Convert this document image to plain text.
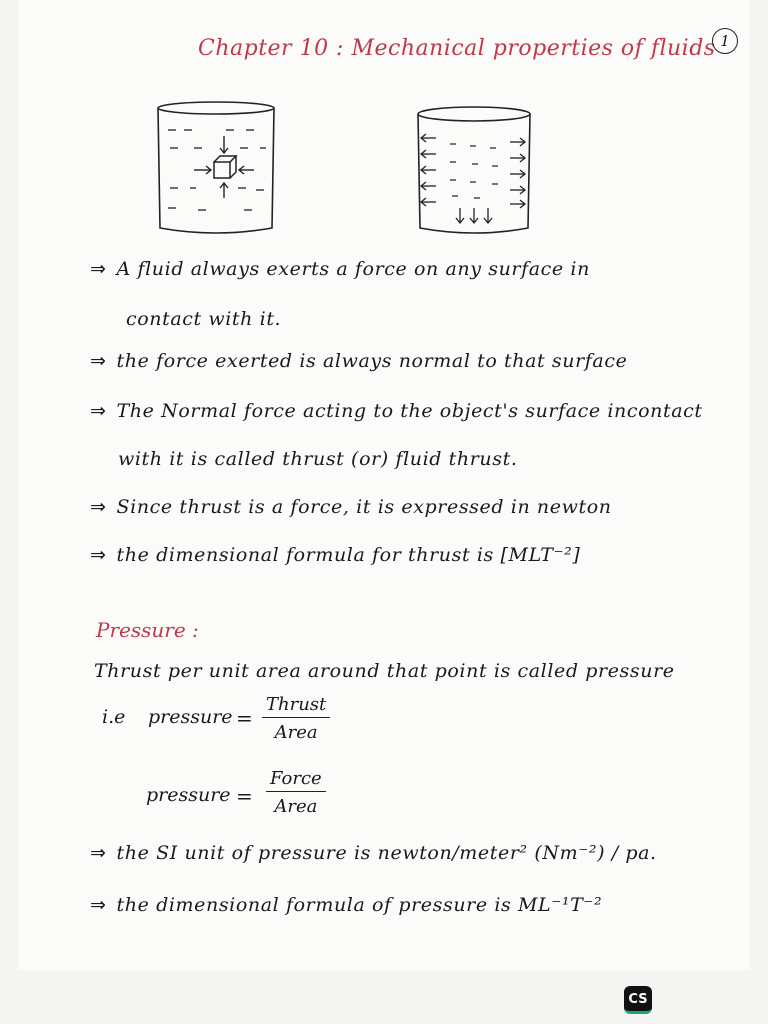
Chapter 10 : Mechanical properties of fluids 1
⇒ A fluid always exerts a force on any surface in
contact with it.
⇒ the force exerted is always normal to that surface
⇒ The Normal force acting to the object's surface incontact
with it is called thrust (or) fluid thrust.
⇒ Since thrust is a force, it is expressed in newton
⇒ the dimensional formula for thrust is [MLT⁻²]
Pressure :
Thrust per unit area around that point is called pressure
i.e pressure =
Thrust
Area
pressure =
Force
Area
⇒ the SI unit of pressure is newton/meter² (Nm⁻²) / pa.
⇒ the dimensional formula of pressure is ML⁻¹T⁻²
CS
